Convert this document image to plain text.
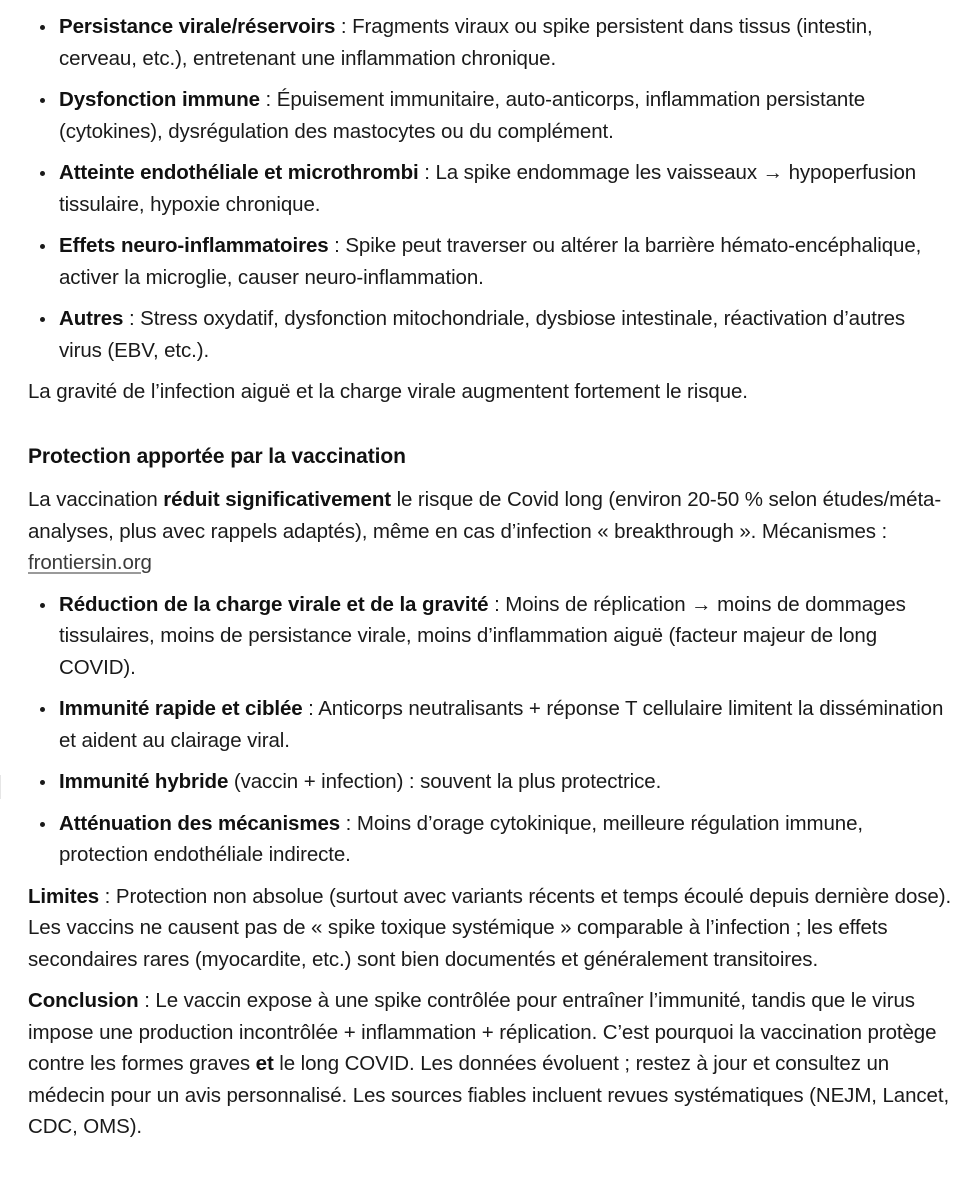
Persistance virale/réservoirs : Fragments viraux ou spike persistent dans tissus (intestin, cerveau, etc.), entretenant une inflammation chronique.
Dysfonction immune : Épuisement immunitaire, auto-anticorps, inflammation persistante (cytokines), dysrégulation des mastocytes ou du complément.
Atteinte endothéliale et microthrombi : La spike endommage les vaisseaux → hypoperfusion tissulaire, hypoxie chronique.
Effets neuro-inflammatoires : Spike peut traverser ou altérer la barrière hémato-encéphalique, activer la microglie, causer neuro-inflammation.
Autres : Stress oxydatif, dysfonction mitochondriale, dysbiose intestinale, réactivation d’autres virus (EBV, etc.).

La gravité de l’infection aiguë et la charge virale augmentent fortement le risque.

Protection apportée par la vaccination

La vaccination réduit significativement le risque de Covid long (environ 20-50 % selon études/méta-analyses, plus avec rappels adaptés), même en cas d’infection « breakthrough ». Mécanismes : frontiersin.org

Réduction de la charge virale et de la gravité : Moins de réplication → moins de dommages tissulaires, moins de persistance virale, moins d’inflammation aiguë (facteur majeur de long COVID).
Immunité rapide et ciblée : Anticorps neutralisants + réponse T cellulaire limitent la dissémination et aident au clairage viral.
Immunité hybride (vaccin + infection) : souvent la plus protectrice.
Atténuation des mécanismes : Moins d’orage cytokinique, meilleure régulation immune, protection endothéliale indirecte.

Limites : Protection non absolue (surtout avec variants récents et temps écoulé depuis dernière dose). Les vaccins ne causent pas de « spike toxique systémique » comparable à l’infection ; les effets secondaires rares (myocardite, etc.) sont bien documentés et généralement transitoires.

Conclusion : Le vaccin expose à une spike contrôlée pour entraîner l’immunité, tandis que le virus impose une production incontrôlée + inflammation + réplication. C’est pourquoi la vaccination protège contre les formes graves et le long COVID. Les données évoluent ; restez à jour et consultez un médecin pour un avis personnalisé. Les sources fiables incluent revues systématiques (NEJM, Lancet, CDC, OMS).
